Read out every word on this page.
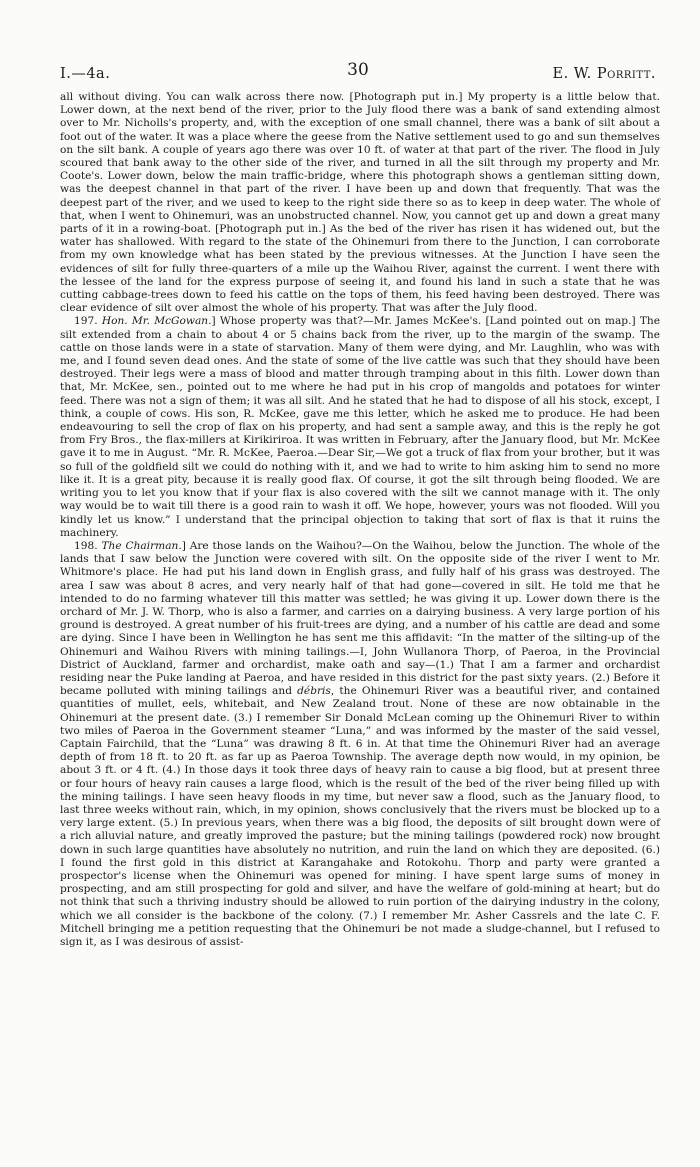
I.—4a.	30	E. W. Porritt.

all without diving. You can walk across there now. [Photograph put in.] My property is a little below that. Lower down, at the next bend of the river, prior to the July flood there was a bank of sand extending almost over to Mr. Nicholls's property, and, with the exception of one small channel, there was a bank of silt about a foot out of the water. It was a place where the geese from the Native settlement used to go and sun themselves on the silt bank. A couple of years ago there was over 10 ft. of water at that part of the river. The flood in July scoured that bank away to the other side of the river, and turned in all the silt through my property and Mr. Coote's. Lower down, below the main traffic-bridge, where this photograph shows a gentleman sitting down, was the deepest channel in that part of the river. I have been up and down that frequently. That was the deepest part of the river, and we used to keep to the right side there so as to keep in deep water. The whole of that, when I went to Ohinemuri, was an unobstructed channel. Now, you cannot get up and down a great many parts of it in a rowing-boat. [Photograph put in.] As the bed of the river has risen it has widened out, but the water has shallowed. With regard to the state of the Ohinemuri from there to the Junction, I can corroborate from my own knowledge what has been stated by the previous witnesses. At the Junction I have seen the evidences of silt for fully three-quarters of a mile up the Waihou River, against the current. I went there with the lessee of the land for the express purpose of seeing it, and found his land in such a state that he was cutting cabbage-trees down to feed his cattle on the tops of them, his feed having been destroyed. There was clear evidence of silt over almost the whole of his property. That was after the July flood.

197. Hon. Mr. McGowan.] Whose property was that?—Mr. James McKee's. [Land pointed out on map.] The silt extended from a chain to about 4 or 5 chains back from the river, up to the margin of the swamp. The cattle on those lands were in a state of starvation. Many of them were dying, and Mr. Laughlin, who was with me, and I found seven dead ones. And the state of some of the live cattle was such that they should have been destroyed. Their legs were a mass of blood and matter through tramping about in this filth. Lower down than that, Mr. McKee, sen., pointed out to me where he had put in his crop of mangolds and potatoes for winter feed. There was not a sign of them; it was all silt. And he stated that he had to dispose of all his stock, except, I think, a couple of cows. His son, R. McKee, gave me this letter, which he asked me to produce. He had been endeavouring to sell the crop of flax on his property, and had sent a sample away, and this is the reply he got from Fry Bros., the flax-millers at Kirikiriroa. It was written in February, after the January flood, but Mr. McKee gave it to me in August. “Mr. R. McKee, Paeroa.—Dear Sir,—We got a truck of flax from your brother, but it was so full of the goldfield silt we could do nothing with it, and we had to write to him asking him to send no more like it. It is a great pity, because it is really good flax. Of course, it got the silt through being flooded. We are writing you to let you know that if your flax is also covered with the silt we cannot manage with it. The only way would be to wait till there is a good rain to wash it off. We hope, however, yours was not flooded. Will you kindly let us know.” I understand that the principal objection to taking that sort of flax is that it ruins the machinery.

198. The Chairman.] Are those lands on the Waihou?—On the Waihou, below the Junction. The whole of the lands that I saw below the Junction were covered with silt. On the opposite side of the river I went to Mr. Whitmore's place. He had put his land down in English grass, and fully half of his grass was destroyed. The area I saw was about 8 acres, and very nearly half of that had gone—covered in silt. He told me that he intended to do no farming whatever till this matter was settled; he was giving it up. Lower down there is the orchard of Mr. J. W. Thorp, who is also a farmer, and carries on a dairying business. A very large portion of his ground is destroyed. A great number of his fruit-trees are dying, and a number of his cattle are dead and some are dying. Since I have been in Wellington he has sent me this affidavit: “In the matter of the silting-up of the Ohinemuri and Waihou Rivers with mining tailings.—I, John Wullanora Thorp, of Paeroa, in the Provincial District of Auckland, farmer and orchardist, make oath and say—(1.) That I am a farmer and orchardist residing near the Puke landing at Paeroa, and have resided in this district for the past sixty years. (2.) Before it became polluted with mining tailings and débris, the Ohinemuri River was a beautiful river, and contained quantities of mullet, eels, whitebait, and New Zealand trout. None of these are now obtainable in the Ohinemuri at the present date. (3.) I remember Sir Donald McLean coming up the Ohinemuri River to within two miles of Paeroa in the Government steamer “Luna,” and was informed by the master of the said vessel, Captain Fairchild, that the “Luna” was drawing 8 ft. 6 in. At that time the Ohinemuri River had an average depth of from 18 ft. to 20 ft. as far up as Paeroa Township. The average depth now would, in my opinion, be about 3 ft. or 4 ft. (4.) In those days it took three days of heavy rain to cause a big flood, but at present three or four hours of heavy rain causes a large flood, which is the result of the bed of the river being filled up with the mining tailings. I have seen heavy floods in my time, but never saw a flood, such as the January flood, to last three weeks without rain, which, in my opinion, shows conclusively that the rivers must be blocked up to a very large extent. (5.) In previous years, when there was a big flood, the deposits of silt brought down were of a rich alluvial nature, and greatly improved the pasture; but the mining tailings (powdered rock) now brought down in such large quantities have absolutely no nutrition, and ruin the land on which they are deposited. (6.) I found the first gold in this district at Karangahake and Rotokohu. Thorp and party were granted a prospector's license when the Ohinemuri was opened for mining. I have spent large sums of money in prospecting, and am still prospecting for gold and silver, and have the welfare of gold-mining at heart; but do not think that such a thriving industry should be allowed to ruin portion of the dairying industry in the colony, which we all consider is the backbone of the colony. (7.) I remember Mr. Asher Cassrels and the late C. F. Mitchell bringing me a petition requesting that the Ohinemuri be not made a sludge-channel, but I refused to sign it, as I was desirous of assist-
